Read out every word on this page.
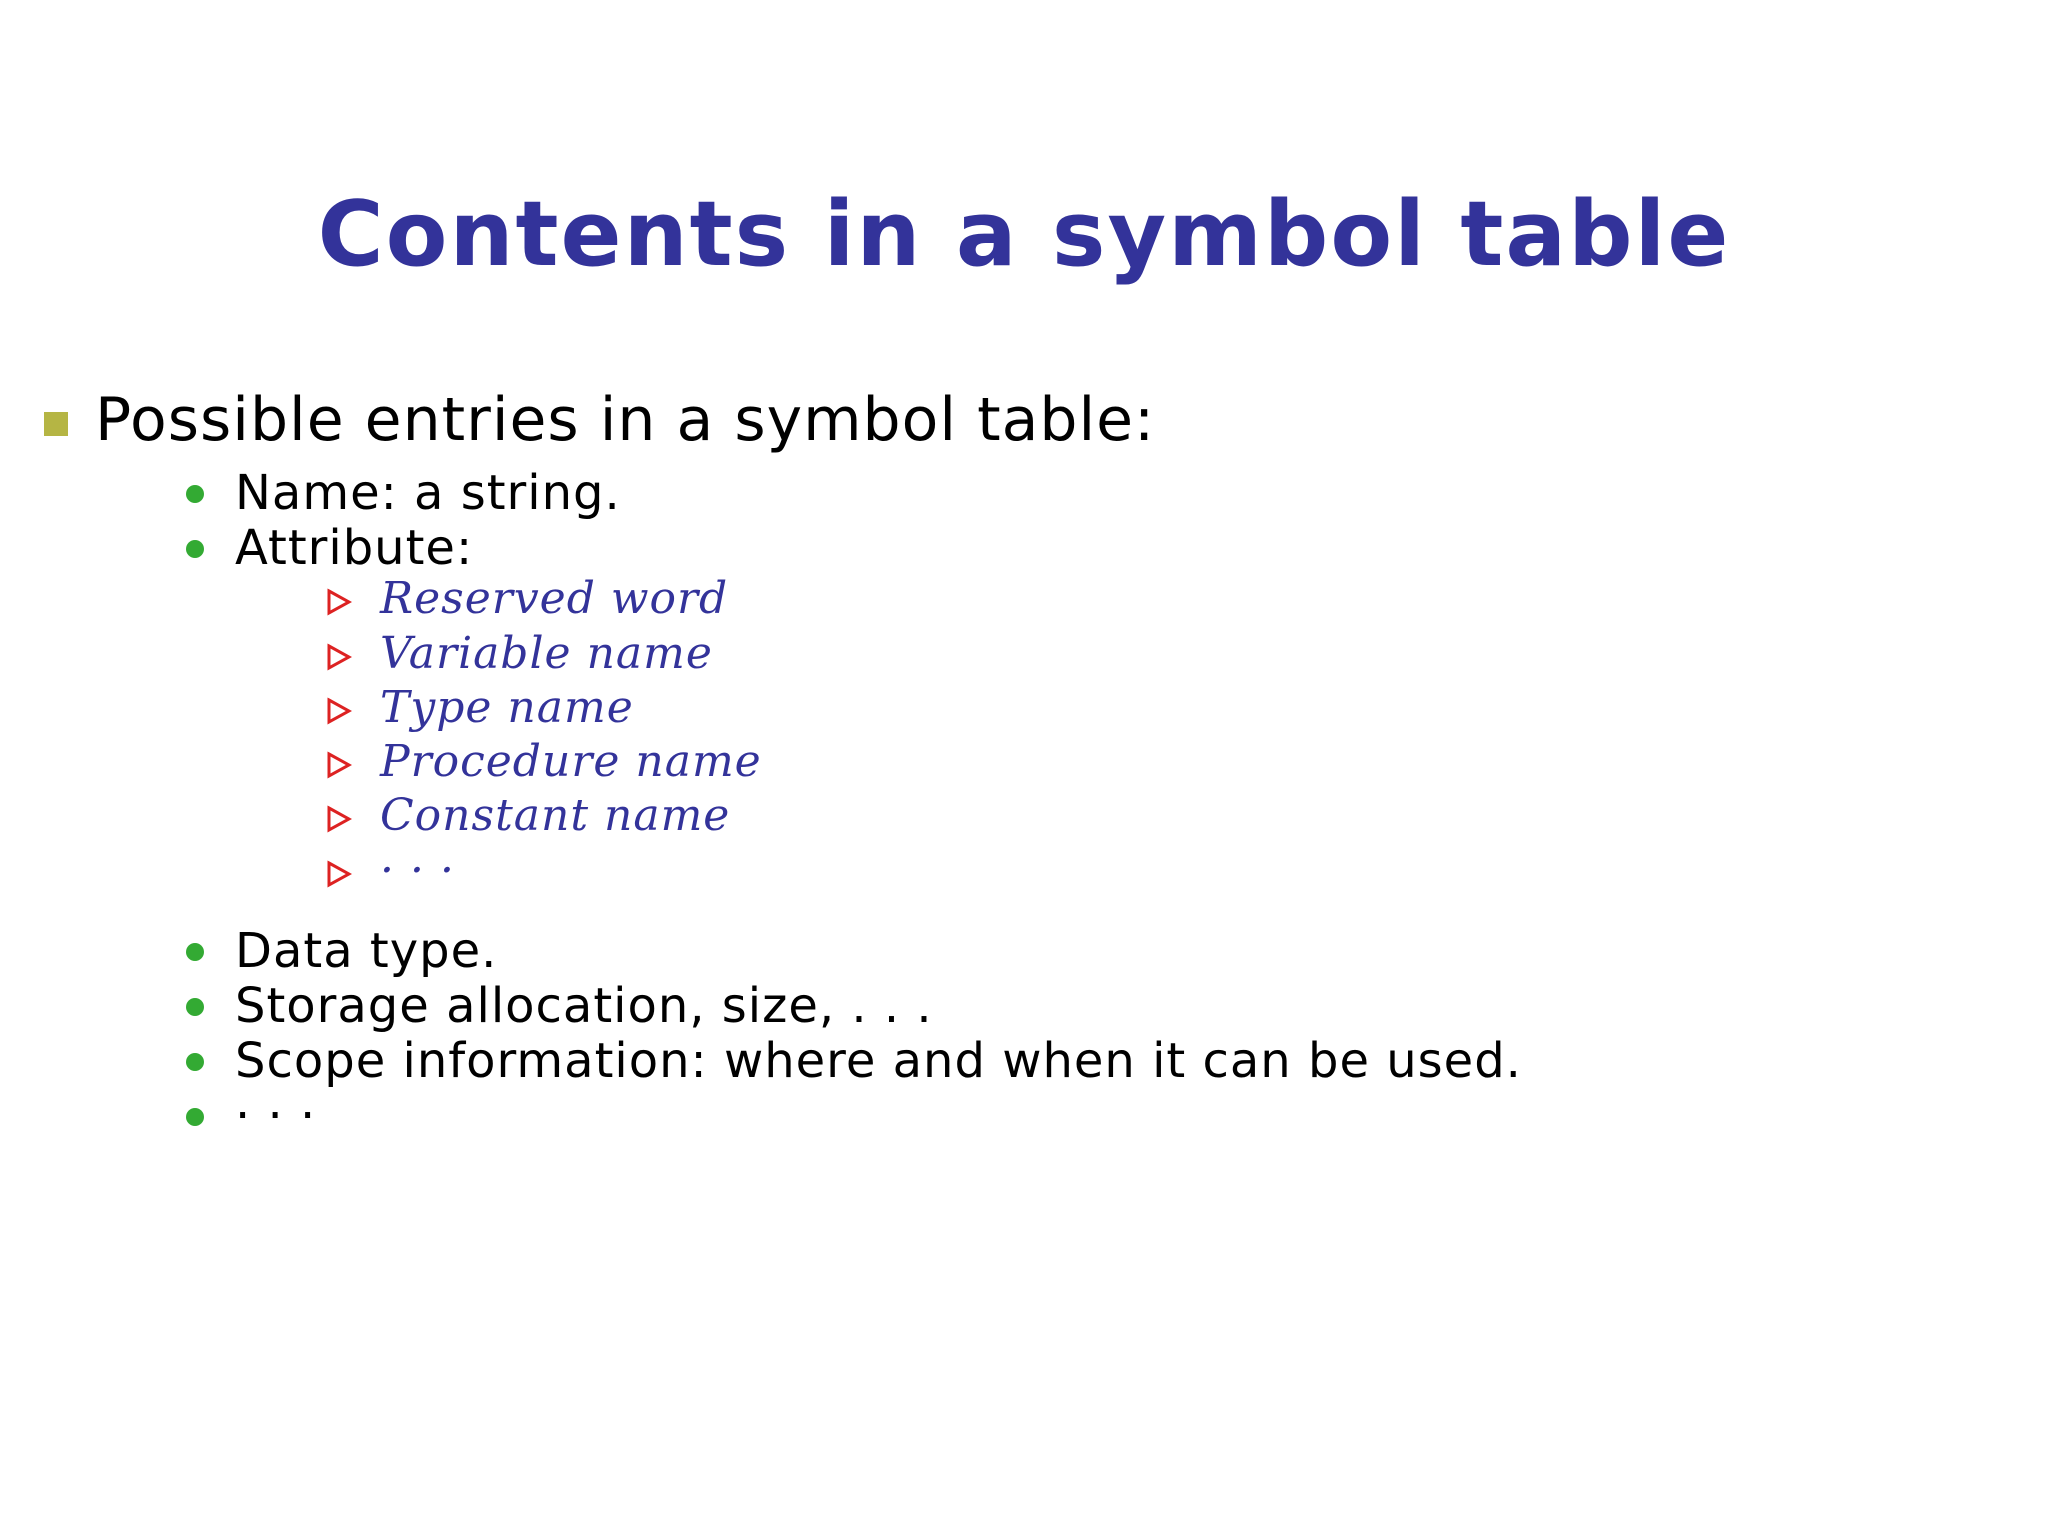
Contents in a symbol table
Possible entries in a symbol table:
Name: a string.
Attribute:
Reserved word
Variable name
Type name
Procedure name
Constant name
· · ·
Data type.
Storage allocation, size, . . .
Scope information: where and when it can be used.
· · ·
